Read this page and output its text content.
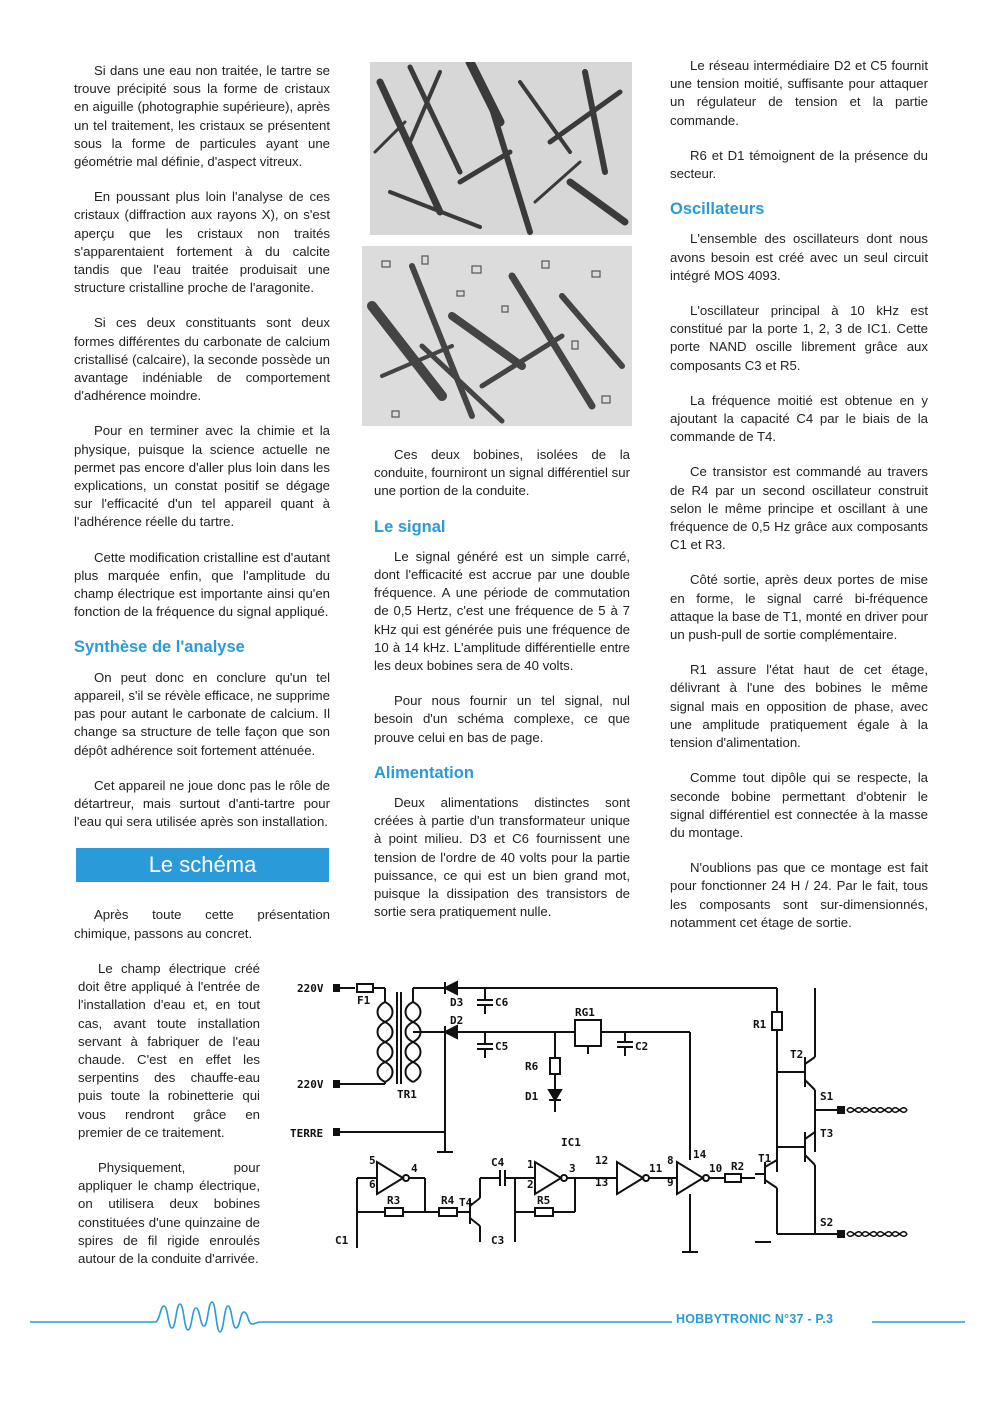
Si dans une eau non traitée, le tartre se trouve précipité sous la forme de cristaux en aiguille (photographie supérieure), après un tel traitement, les cristaux se présentent sous la forme de particules ayant une géométrie mal définie, d'aspect vitreux.

En poussant plus loin l'analyse de ces cristaux (diffraction aux rayons X), on s'est aperçu que les cristaux non traités s'apparentaient fortement à du calcite tandis que l'eau traitée produisait une structure cristalline proche de l'aragonite.

Si ces deux constituants sont deux formes différentes du carbonate de calcium cristallisé (calcaire), la seconde possède un avantage indéniable de comportement d'adhérence moindre.

Pour en terminer avec la chimie et la physique, puisque la science actuelle ne permet pas encore d'aller plus loin dans les explications, un constat positif se dégage sur l'efficacité d'un tel appareil quant à l'adhérence réelle du tartre.

Cette modification cristalline est d'autant plus marquée enfin, que l'amplitude du champ électrique est importante ainsi qu'en fonction de la fréquence du signal appliqué.

Synthèse de l'analyse

On peut donc en conclure qu'un tel appareil, s'il se révèle efficace, ne supprime pas pour autant le carbonate de calcium. Il change sa structure de telle façon que son dépôt adhérence soit fortement atténuée.

Cet appareil ne joue donc pas le rôle de détartreur, mais surtout d'anti-tartre pour l'eau qui sera utilisée après son installation.

Le schéma

Après toute cette présentation chimique, passons au concret.

Le champ électrique créé doit être appliqué à l'entrée de l'installation d'eau et, en tout cas, avant toute installation servant à fabriquer de l'eau chaude. C'est en effet les serpentins des chauffe-eau puis toute la robinetterie qui vous rendront grâce en premier de ce traitement.

Physiquement, pour appliquer le champ électrique, on utilisera deux bobines constituées d'une quinzaine de spires de fil rigide enroulés autour de la conduite d'arrivée.

Ces deux bobines, isolées de la conduite, fourniront un signal différentiel sur une portion de la conduite.

Le signal

Le signal généré est un simple carré, dont l'efficacité est accrue par une double fréquence. A une période de commutation de 0,5 Hertz, c'est une fréquence de 5 à 7 kHz qui est générée puis une fréquence de 10 à 14 kHz. L'amplitude différentielle entre les deux bobines sera de 40 volts.

Pour nous fournir un tel signal, nul besoin d'un schéma complexe, ce que prouve celui en bas de page.

Alimentation

Deux alimentations distinctes sont créées à partie d'un transformateur unique à point milieu. D3 et C6 fournissent une tension de l'ordre de 40 volts pour la partie puissance, ce qui est un bien grand mot, puisque la dissipation des transistors de sortie sera pratiquement nulle.

Le réseau intermédiaire D2 et C5 fournit une tension moitié, suffisante pour attaquer un régulateur de tension et la partie commande.

R6 et D1 témoignent de la présence du secteur.

Oscillateurs

L'ensemble des oscillateurs dont nous avons besoin est créé avec un seul circuit intégré MOS 4093.

L'oscillateur principal à 10 kHz est constitué par la porte 1, 2, 3 de IC1. Cette porte NAND oscille librement grâce aux composants C3 et R5.

La fréquence moitié est obtenue en y ajoutant la capacité C4 par le biais de la commande de T4.

Ce transistor est commandé au travers de R4 par un second oscillateur construit selon le même principe et oscillant à une fréquence de 0,5 Hz grâce aux composants C1 et R3.

Côté sortie, après deux portes de mise en forme, le signal carré bi-fréquence attaque la base de T1, monté en driver pour un push-pull de sortie complémentaire.

R1 assure l'état haut de cet étage, délivrant à l'une des bobines le même signal mais en opposition de phase, avec une amplitude pratiquement égale à la tension d'alimentation.

Comme tout dipôle qui se respecte, la seconde bobine permettant d'obtenir le signal différentiel est connectée à la masse du montage.

N'oublions pas que ce montage est fait pour fonctionner 24 H / 24. Par le fait, tous les composants sont sur-dimensionnés, notamment cet étage de sortie.

220V
220V
TERRE
F1
TR1
D3	C6
D2
C5
RG1
C2
R6
D1
R1
T2
S1
T3
S2
IC1
T1
R2
T4
R3	R4	R5
C1	C3
C4
5
6
4	1
2
3
12
13
11
8
9
10
14
HOBBYTRONIC N°37 - P.3
